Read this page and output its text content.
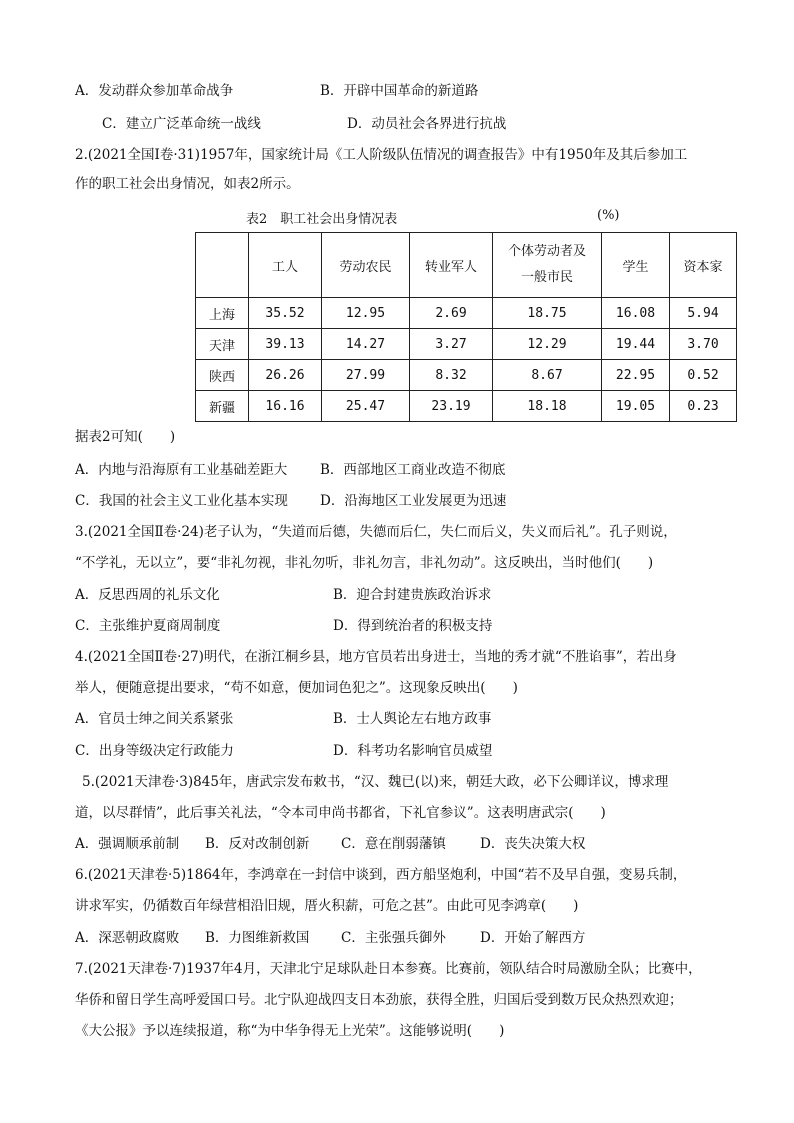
A．发动群众参加革命战争	B．开辟中国革命的新道路
C．建立广泛革命统一战线	D．动员社会各界进行抗战
2.(2021全国Ⅰ卷·31)1957年，国家统计局《工人阶级队伍情况的调查报告》中有1950年及其后参加工
作的职工社会出身情况，如表2所示。
表2　职工社会出身情况表	(%)
	工人	劳动农民	转业军人	个体劳动者及
一般市民	学生	资本家
上海	35.52	12.95	2.69	18.75	16.08	5.94
天津	39.13	14.27	3.27	12.29	19.44	3.70
陕西	26.26	27.99	8.32	8.67	22.95	0.52
新疆	16.16	25.47	23.19	18.18	19.05	0.23
据表2可知(　　)
A．内地与沿海原有工业基础差距大 B．西部地区工商业改造不彻底
C．我国的社会主义工业化基本实现 D．沿海地区工业发展更为迅速
3.(2021全国Ⅱ卷·24)老子认为，“失道而后德，失德而后仁，失仁而后义，失义而后礼”。孔子则说，
“不学礼，无以立”，要“非礼勿视，非礼勿听，非礼勿言，非礼勿动”。这反映出，当时他们(　　)
A．反思西周的礼乐文化	B．迎合封建贵族政治诉求
C．主张维护夏商周制度	D．得到统治者的积极支持
4.(2021全国Ⅱ卷·27)明代，在浙江桐乡县，地方官员若出身进士，当地的秀才就“不胜谄事”，若出身
举人，便随意提出要求，“苟不如意，便加词色犯之”。这现象反映出(　　)
A．官员士绅之间关系紧张	B．士人舆论左右地方政事
C．出身等级决定行政能力	D．科考功名影响官员威望
5.(2021天津卷·3)845年，唐武宗发布敕书，“汉、魏已(以)来，朝廷大政，必下公卿详议，博求理
道，以尽群情”，此后事关礼法，“令本司申尚书都省，下礼官参议”。这表明唐武宗(　　)
A．强调顺承前制 B．反对改制创新 C．意在削弱藩镇	D．丧失决策大权
6.(2021天津卷·5)1864年，李鸿章在一封信中谈到，西方船坚炮利，中国“若不及早自强，变易兵制，
讲求军实，仍循数百年绿营相沿旧规，厝火积薪，可危之甚”。由此可见李鸿章(　　)
A．深恶朝政腐败 B．力图维新救国 C．主张强兵御外	D．开始了解西方
7.(2021天津卷·7)1937年4月，天津北宁足球队赴日本参赛。比赛前，领队结合时局激励全队；比赛中，
华侨和留日学生高呼爱国口号。北宁队迎战四支日本劲旅，获得全胜，归国后受到数万民众热烈欢迎；
《大公报》予以连续报道，称“为中华争得无上光荣”。这能够说明(　　)
